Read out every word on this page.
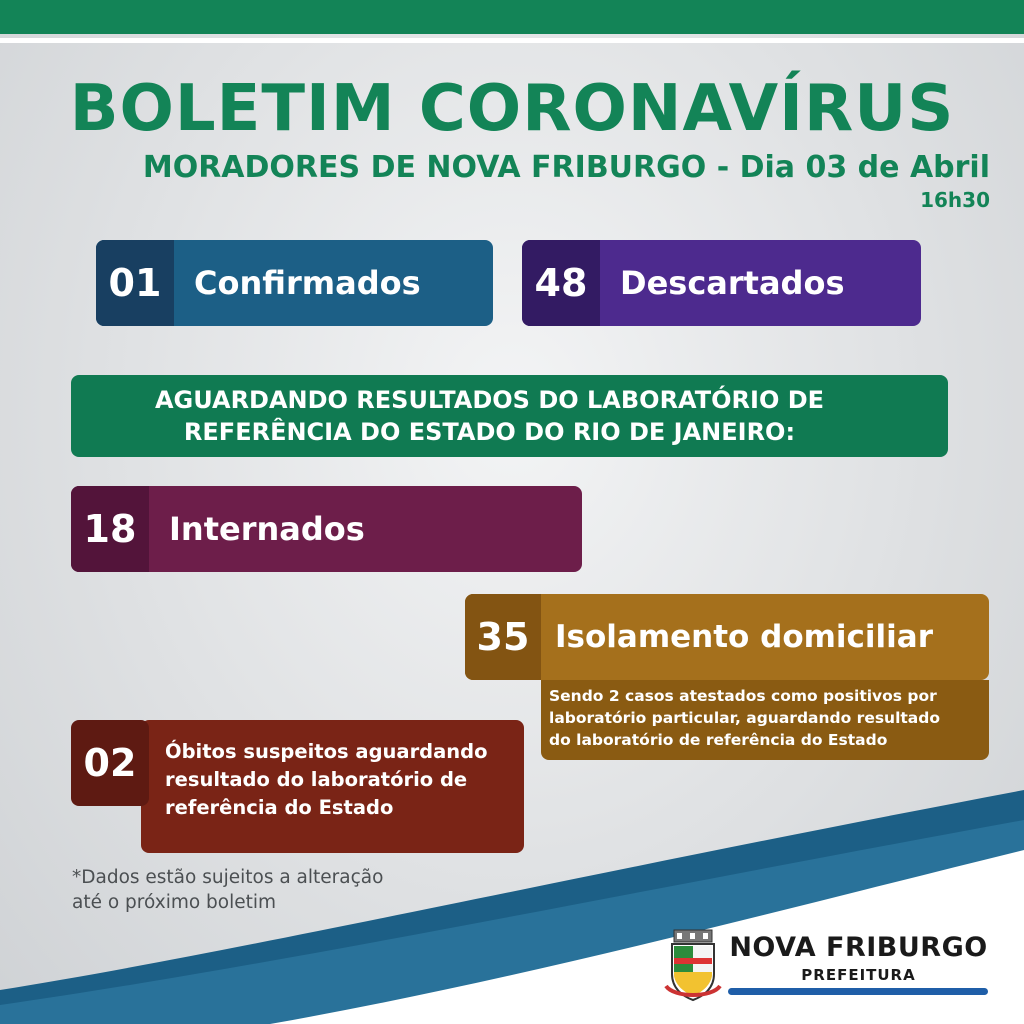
BOLETIM CORONAVÍRUS
MORADORES DE NOVA FRIBURGO - Dia 03 de Abril
16h30
01	Confirmados	48	Descartados
AGUARDANDO RESULTADOS DO LABORATÓRIO DE
REFERÊNCIA DO ESTADO DO RIO DE JANEIRO:
18	Internados
35 Isolamento domiciliar
Sendo 2 casos atestados como positivos por
laboratório particular, aguardando resultado
do laboratório de referência do Estado
02	Óbitos suspeitos aguardando
resultado do laboratório de
referência do Estado
*Dados estão sujeitos a alteração
até o próximo boletim
NOVA FRIBURGO
PREFEITURA
